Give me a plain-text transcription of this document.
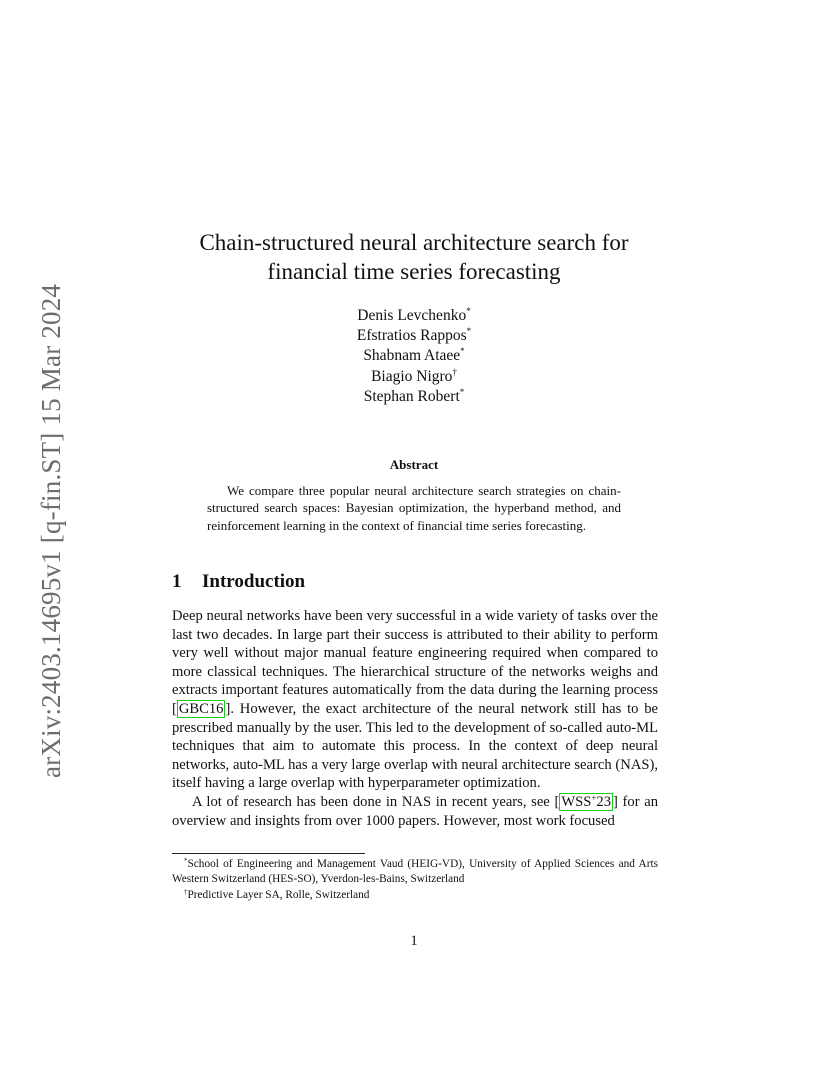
arXiv:2403.14695v1 [q-fin.ST] 15 Mar 2024
Chain-structured neural architecture search for
financial time series forecasting
Denis Levchenko*
Efstratios Rappos*
Shabnam Ataee*
Biagio Nigro†
Stephan Robert*
Abstract
We compare three popular neural architecture search strategies on chain-structured search spaces: Bayesian optimization, the hyperband method, and reinforcement learning in the context of financial time series forecasting.
1 Introduction

Deep neural networks have been very successful in a wide variety of tasks over the last two decades. In large part their success is attributed to their ability to perform very well without major manual feature engineering required when compared to more classical techniques. The hierarchical structure of the networks weighs and extracts important features automatically from the data during the learning process [ GBC16 ]. However, the exact architecture of the neural network still has to be prescribed manually by the user. This led to the development of so-called auto-ML techniques that aim to automate this process. In the context of deep neural networks, auto-ML has a very large overlap with neural architecture search (NAS), itself having a large overlap with hyperparameter optimization.

A lot of research has been done in NAS in recent years, see [ WSS+23 ] for an overview and insights from over 1000 papers. However, most work focused

*School of Engineering and Management Vaud (HEIG-VD), University of Applied Sciences and Arts Western Switzerland (HES-SO), Yverdon-les-Bains, Switzerland

†Predictive Layer SA, Rolle, Switzerland

1
